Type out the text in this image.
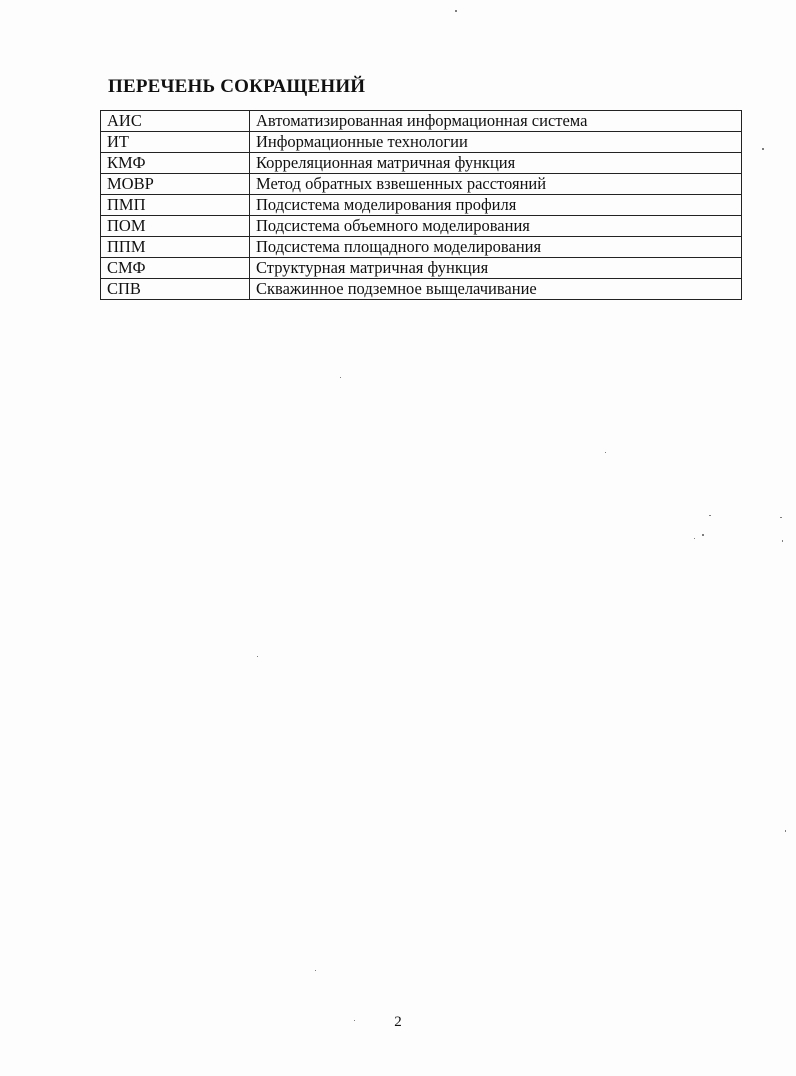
ПЕРЕЧЕНЬ СОКРАЩЕНИЙ
АИС	Автоматизированная информационная система
ИТ	Информационные технологии
КМФ	Корреляционная матричная функция
МОВР	Метод обратных взвешенных расстояний
ПМП	Подсистема моделирования профиля
ПОМ	Подсистема объемного моделирования
ППМ	Подсистема площадного моделирования
СМФ	Структурная матричная функция
СПВ	Скважинное подземное выщелачивание
2
